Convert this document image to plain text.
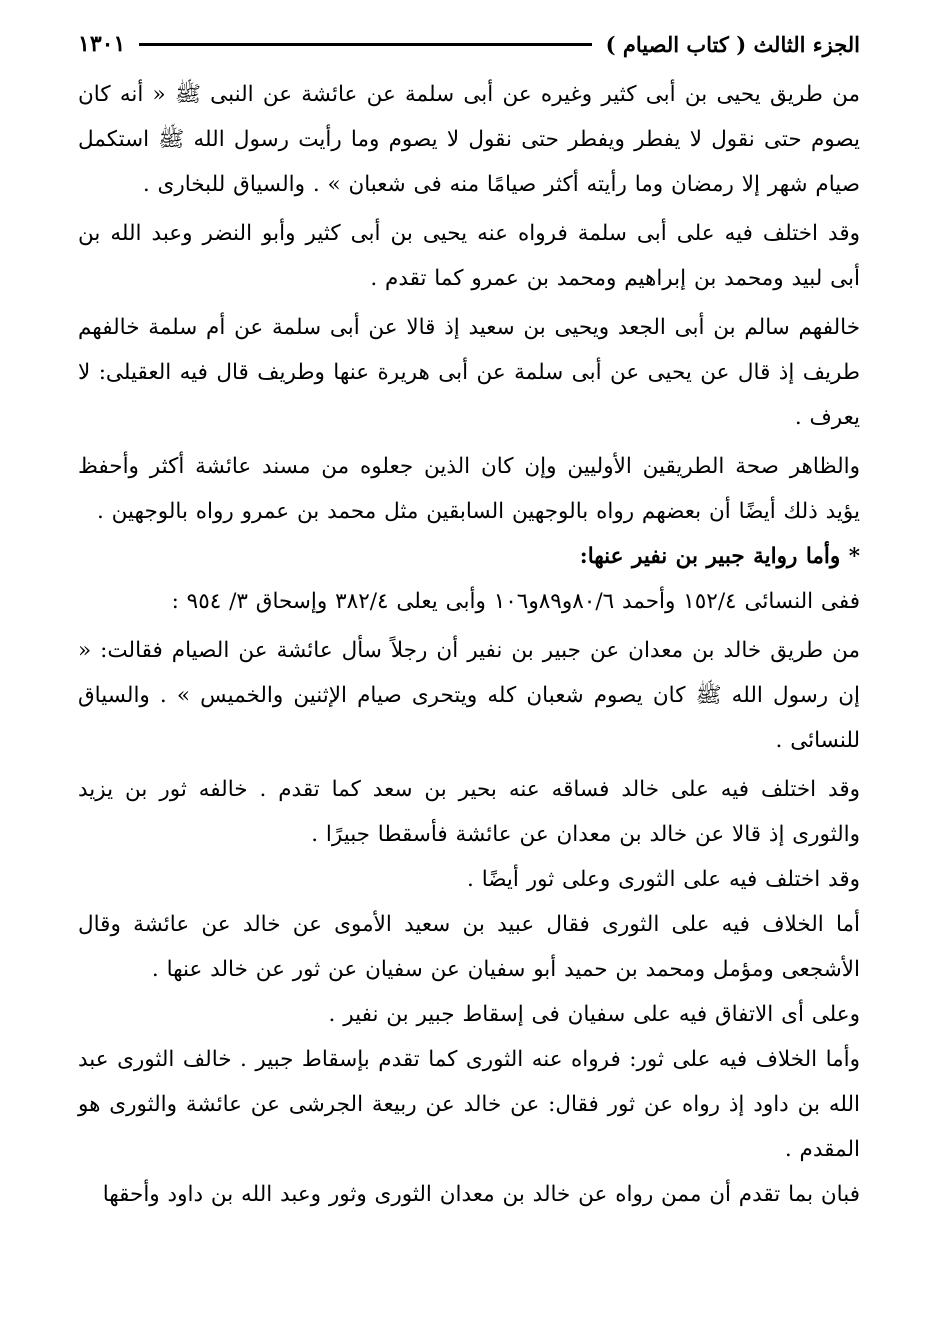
الجزء الثالث ( كتاب الصيام )
١٣٠١

من طريق يحيى بن أبى كثير وغيره عن أبى سلمة عن عائشة عن النبى ﷺ « أنه كان يصوم حتى نقول لا يفطر ويفطر حتى نقول لا يصوم وما رأيت رسول الله ﷺ استكمل صيام شهر إلا رمضان وما رأيته أكثر صيامًا منه فى شعبان » . والسياق للبخارى .

وقد اختلف فيه على أبى سلمة فرواه عنه يحيى بن أبى كثير وأبو النضر وعبد الله بن أبى لبيد ومحمد بن إبراهيم ومحمد بن عمرو كما تقدم .

خالفهم سالم بن أبى الجعد ويحيى بن سعيد إذ قالا عن أبى سلمة عن أم سلمة خالفهم طريف إذ قال عن يحيى عن أبى سلمة عن أبى هريرة عنها وطريف قال فيه العقيلى: لا يعرف .

والظاهر صحة الطريقين الأوليين وإن كان الذين جعلوه من مسند عائشة أكثر وأحفظ يؤيد ذلك أيضًا أن بعضهم رواه بالوجهين السابقين مثل محمد بن عمرو رواه بالوجهين .

* وأما رواية جبير بن نفير عنها:

ففى النسائى ١٥٢/٤ وأحمد ٨٠/٦و٨٩و١٠٦ وأبى يعلى ٣٨٢/٤ وإسحاق ٣/ ٩٥٤ :

من طريق خالد بن معدان عن جبير بن نفير أن رجلاً سأل عائشة عن الصيام فقالت: « إن رسول الله ﷺ كان يصوم شعبان كله ويتحرى صيام الإثنين والخميس » . والسياق للنسائى .

وقد اختلف فيه على خالد فساقه عنه بحير بن سعد كما تقدم . خالفه ثور بن يزيد والثورى إذ قالا عن خالد بن معدان عن عائشة فأسقطا جبيرًا .

وقد اختلف فيه على الثورى وعلى ثور أيضًا .

أما الخلاف فيه على الثورى فقال عبيد بن سعيد الأموى عن خالد عن عائشة وقال الأشجعى ومؤمل ومحمد بن حميد أبو سفيان عن سفيان عن ثور عن خالد عنها .

وعلى أى الاتفاق فيه على سفيان فى إسقاط جبير بن نفير .

وأما الخلاف فيه على ثور: فرواه عنه الثورى كما تقدم بإسقاط جبير . خالف الثورى عبد الله بن داود إذ رواه عن ثور فقال: عن خالد عن ربيعة الجرشى عن عائشة والثورى هو المقدم .

فبان بما تقدم أن ممن رواه عن خالد بن معدان الثورى وثور وعبد الله بن داود وأحقها
